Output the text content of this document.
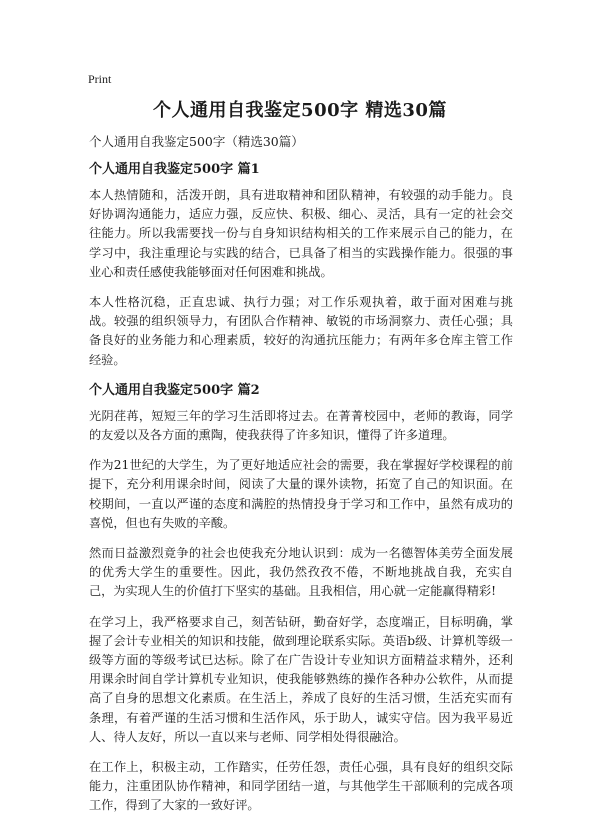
Print
个人通用自我鉴定500字 精选30篇

个人通用自我鉴定500字（精选30篇）

个人通用自我鉴定500字 篇1

本人热情随和，活泼开朗，具有进取精神和团队精神，有较强的动手能力。良好协调沟通能力，适应力强，反应快、积极、细心、灵活，具有一定的社会交往能力。所以我需要找一份与自身知识结构相关的工作来展示自己的能力，在学习中，我注重理论与实践的结合，已具备了相当的实践操作能力。很强的事业心和责任感使我能够面对任何困难和挑战。

本人性格沉稳，正直忠诚、执行力强；对工作乐观执着，敢于面对困难与挑战。较强的组织领导力，有团队合作精神、敏锐的市场洞察力、责任心强；具备良好的业务能力和心理素质，较好的沟通抗压能力；有两年多仓库主管工作经验。

个人通用自我鉴定500字 篇2

光阴荏苒，短短三年的学习生活即将过去。在菁菁校园中，老师的教诲，同学的友爱以及各方面的熏陶，使我获得了许多知识，懂得了许多道理。

作为21世纪的大学生，为了更好地适应社会的需要，我在掌握好学校课程的前提下，充分利用课余时间，阅读了大量的课外读物，拓宽了自己的知识面。在校期间，一直以严谨的态度和满腔的热情投身于学习和工作中，虽然有成功的喜悦，但也有失败的辛酸。

然而日益激烈竟争的社会也使我充分地认识到：成为一名德智体美劳全面发展的优秀大学生的重要性。因此，我仍然孜孜不倦，不断地挑战自我，充实自己，为实现人生的价值打下坚实的基础。且我相信，用心就一定能赢得精彩!

在学习上，我严格要求自己，刻苦钻研，勤奋好学，态度端正，目标明确，掌握了会计专业相关的知识和技能，做到理论联系实际。英语b级、计算机等级一级等方面的等级考试已达标。除了在广告设计专业知识方面精益求精外，还利用课余时间自学计算机专业知识，使我能够熟练的操作各种办公软件，从而提高了自身的思想文化素质。在生活上，养成了良好的生活习惯，生活充实而有条理，有着严谨的生活习惯和生活作风，乐于助人，诚实守信。因为我平易近人、待人友好，所以一直以来与老师、同学相处得很融洽。

在工作上，积极主动，工作踏实，任劳任怨，责任心强，具有良好的组织交际能力，注重团队协作精神，和同学团结一道，与其他学生干部顺利的完成各项工作，得到了大家的一致好评。
